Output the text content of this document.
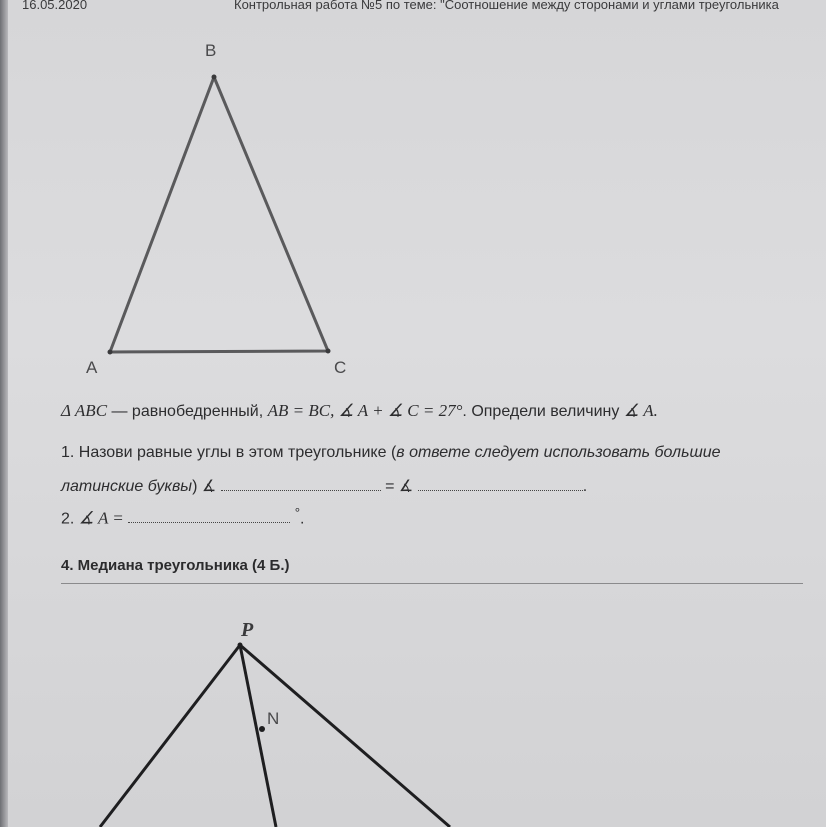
16.05.2020	Контрольная работа №5 по теме: "Соотношение между сторонами и углами треугольника
B
A	C
P
N
Δ ABC — равнобедренный, AB = BC, ∡ A + ∡ C = 27°. Определи величину ∡ A.
1. Назови равные углы в этом треугольнике (в ответе следует использовать большие
латинские буквы) ∡	= ∡	.
2. ∡ A =	°.
4. Медиана треугольника (4 Б.)
